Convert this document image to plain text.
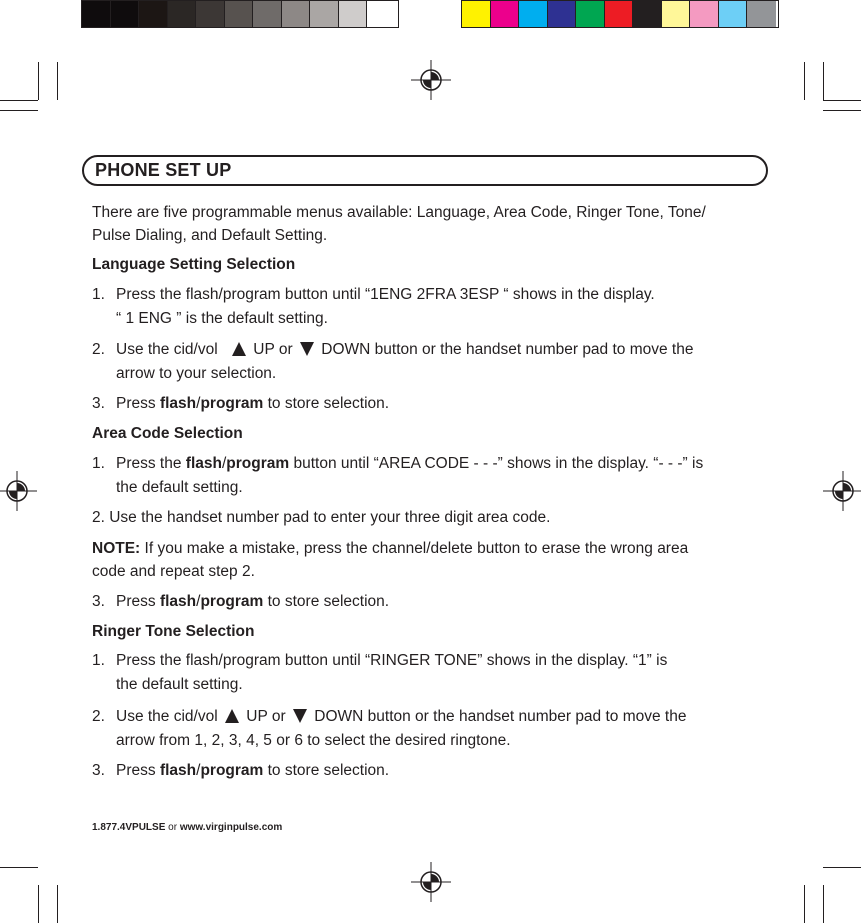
PHONE SET UP
There are five programmable menus available: Language, Area Code, Ringer Tone, Tone/
Pulse Dialing, and Default Setting.
Language Setting Selection
1. Press the flash/program button until “1ENG 2FRA 3ESP “ shows in the display.
“ 1 ENG ” is the default setting.
2. Use the cid/vol UP or DOWN button or the handset number pad to move the
arrow to your selection.
3. Press flash/program to store selection.
Area Code Selection
1. Press the flash/program button until “AREA CODE - - -” shows in the display. “- - -” is
the default setting.
2. Use the handset number pad to enter your three digit area code.
NOTE: If you make a mistake, press the channel/delete button to erase the wrong area
code and repeat step 2.
3. Press flash/program to store selection.
Ringer Tone Selection
1. Press the flash/program button until “RINGER TONE” shows in the display. “1” is
the default setting.
2. Use the cid/vol UP or DOWN button or the handset number pad to move the
arrow from 1, 2, 3, 4, 5 or 6 to select the desired ringtone.
3. Press flash/program to store selection.
1.877.4VPULSE or www.virginpulse.com
